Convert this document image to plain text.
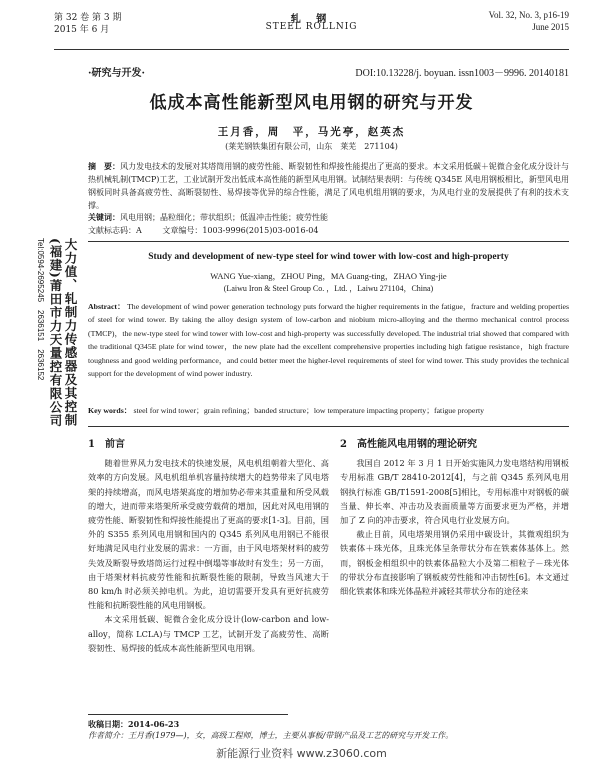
第 32 卷 第 3 期
2015 年 6 月
轧 钢
STEEL ROLLNIG
Vol. 32, No. 3, p16-19
June 2015
·研究与开发·	DOI:10.13228/j. boyuan. issn1003－9996. 20140181
低成本高性能新型风电用钢的研究与开发
王月香，周　平，马光亭，赵英杰
(莱芜钢铁集团有限公司，山东　莱芜　271104)
摘　要：风力发电技术的发展对其塔筒用钢的疲劳性能、断裂韧性和焊接性能提出了更高的要求。本文采用低碳＋铌微合金化成分设计与热机械轧制(TMCP)工艺，工业试制开发出低成本高性能的新型风电用钢。试制结果表明：与传统 Q345E 风电用钢板相比，新型风电用钢板同时具备高疲劳性、高断裂韧性、易焊接等优异的综合性能，满足了风电机组用钢的要求，为风电行业的发展提供了有利的技术支撑。
关键词：风电用钢；晶粒细化；带状组织；低温冲击性能；疲劳性能
文献标志码：A	文章编号：1003-9996(2015)03-0016-04
Study and development of new-type steel for wind tower with low-cost and high-property
WANG Yue-xiang，ZHOU Ping，MA Guang-ting，ZHAO Ying-jie
(Laiwu Iron & Steel Group Co. ，Ltd. ，Laiwu 271104，China)
Abstract： The development of wind power generation technology puts forward the higher requirements in the fatigue，fracture and welding properties of steel for wind tower. By taking the alloy design system of low-carbon and niobium micro-alloying and the thermo mechanical control process (TMCP)，the new-type steel for wind tower with low-cost and high-property was successfully developed. The industrial trial showed that compared with the traditional Q345E plate for wind tower，the new plate had the excellent comprehensive properties including high fatigue resistance，high fracture toughness and good welding performance，and could better meet the higher-level requirements of steel for wind tower. This study provides the technical support for the development of wind power industry.
Key words： steel for wind tower；grain refining；banded structure；low temperature impacting property；fatigue property
大力值、轧制力传感器及其控制
(福建)莆田市力天量控有限公司
Tel:0594-2695245　2636151　2636152
1　前言

随着世界风力发电技术的快速发展，风电机组朝着大型化、高效率的方向发展。风电机组单机容量持续增大的趋势带来了风电塔架的持续增高，而风电塔架高度的增加势必带来其重量和所受风载的增大，进而带来塔架所承受疲劳载荷的增加，因此对风电用钢的疲劳性能、断裂韧性和焊接性能提出了更高的要求[1-3]。目前，国外的 S355 系列风电用钢和国内的 Q345 系列风电用钢已不能很好地满足风电行业发展的需求：一方面，由于风电塔架材料的疲劳失效及断裂导致塔筒运行过程中倒塌等事故时有发生；另一方面，由于塔架材料抗疲劳性能和抗断裂性能的限制，导致当风速大于 80 km/h 时必须关掉电机。为此，迫切需要开发具有更好抗疲劳性能和抗断裂性能的风电用钢板。

本文采用低碳、铌微合金化成分设计(low-carbon and low-alloy，简称 LCLA)与 TMCP 工艺，试制开发了高疲劳性、高断裂韧性、易焊接的低成本高性能新型风电用钢。

2　高性能风电用钢的理论研究

我国自 2012 年 3 月 1 日开始实施风力发电塔结构用钢板专用标准 GB/T 28410-2012[4]，与之前 Q345 系列风电用钢执行标准 GB/T1591-2008[5]相比，专用标准中对钢板的碳当量、伸长率、冲击功及表面质量等方面要求更为严格，并增加了 Z 向的冲击要求，符合风电行业发展方向。

截止目前，风电塔架用钢仍采用中碳设计，其微观组织为铁素体＋珠光体，且珠光体呈条带状分布在铁素体基体上。然而，钢板金相组织中的铁素体晶粒大小及第二相粒子－珠光体的带状分布直接影响了钢板疲劳性能和冲击韧性[6]。本文通过细化铁素体和珠光体晶粒并减轻其带状分布的途径来

收稿日期：2014-06-23
作者简介：王月香(1979—)，女，高级工程师，博士，主要从事板/带钢产品及工艺的研究与开发工作。
新能源行业资料 www.z3060.com
